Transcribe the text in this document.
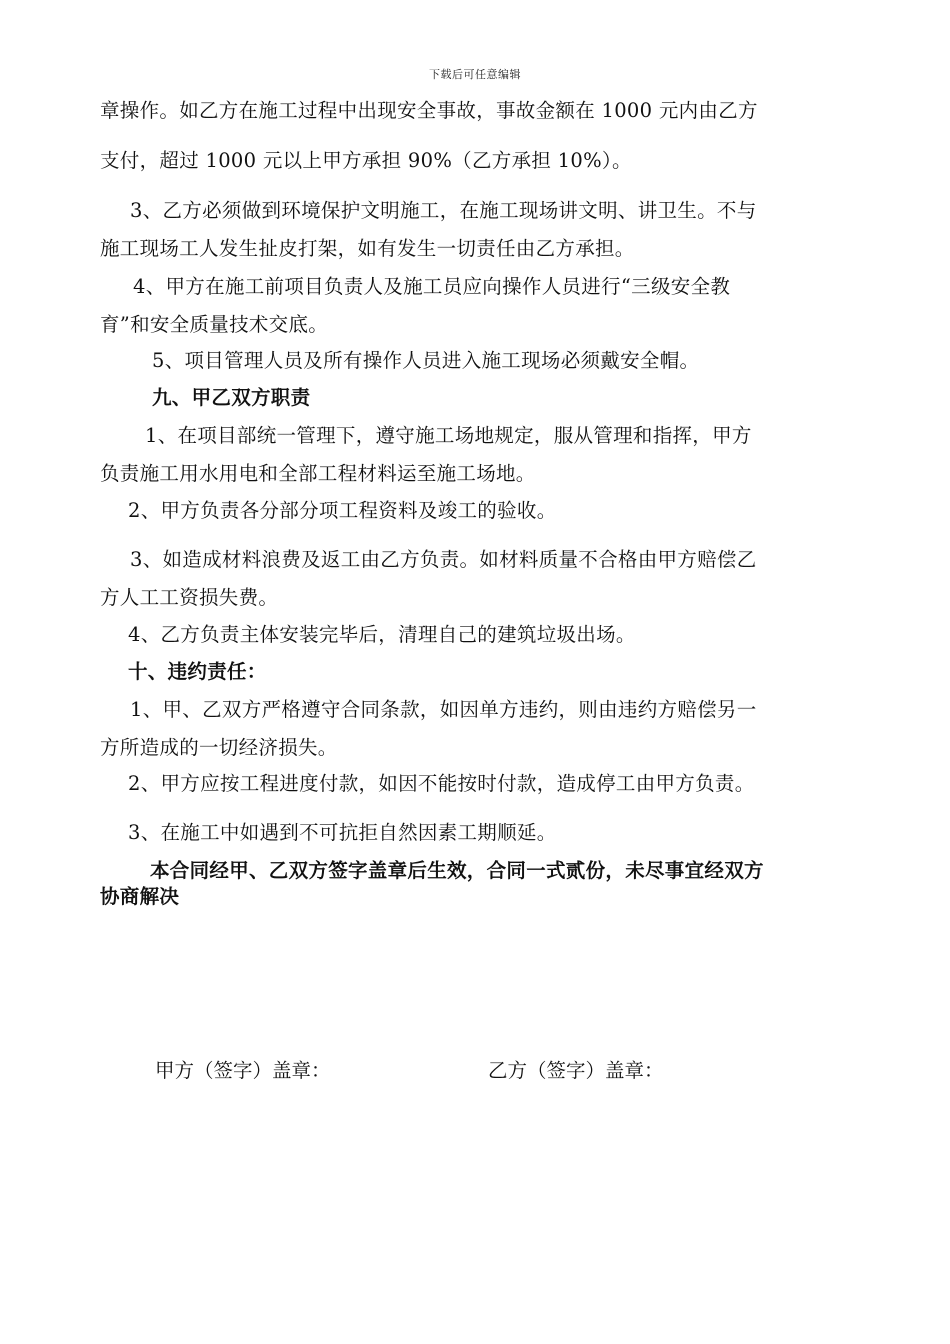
下载后可任意编辑
章操作。如乙方在施工过程中出现安全事故，事故金额在 1000 元内由乙方
支付，超过 1000 元以上甲方承担 90%（乙方承担 10%）。
3、乙方必须做到环境保护文明施工，在施工现场讲文明、讲卫生。不与
施工现场工人发生扯皮打架，如有发生一切责任由乙方承担。
4、甲方在施工前项目负责人及施工员应向操作人员进行“三级安全教
育”和安全质量技术交底。
5、项目管理人员及所有操作人员进入施工现场必须戴安全帽。
九、甲乙双方职责
1、在项目部统一管理下，遵守施工场地规定，服从管理和指挥，甲方
负责施工用水用电和全部工程材料运至施工场地。
2、甲方负责各分部分项工程资料及竣工的验收。
3、如造成材料浪费及返工由乙方负责。如材料质量不合格由甲方赔偿乙
方人工工资损失费。
4、乙方负责主体安装完毕后，清理自己的建筑垃圾出场。
十、违约责任：
1、甲、乙双方严格遵守合同条款，如因单方违约，则由违约方赔偿另一
方所造成的一切经济损失。
2、甲方应按工程进度付款，如因不能按时付款，造成停工由甲方负责。
3、在施工中如遇到不可抗拒自然因素工期顺延。
本合同经甲、乙双方签字盖章后生效，合同一式贰份，未尽事宜经双方
协商解决
甲方（签字）盖章：	乙方（签字）盖章：
